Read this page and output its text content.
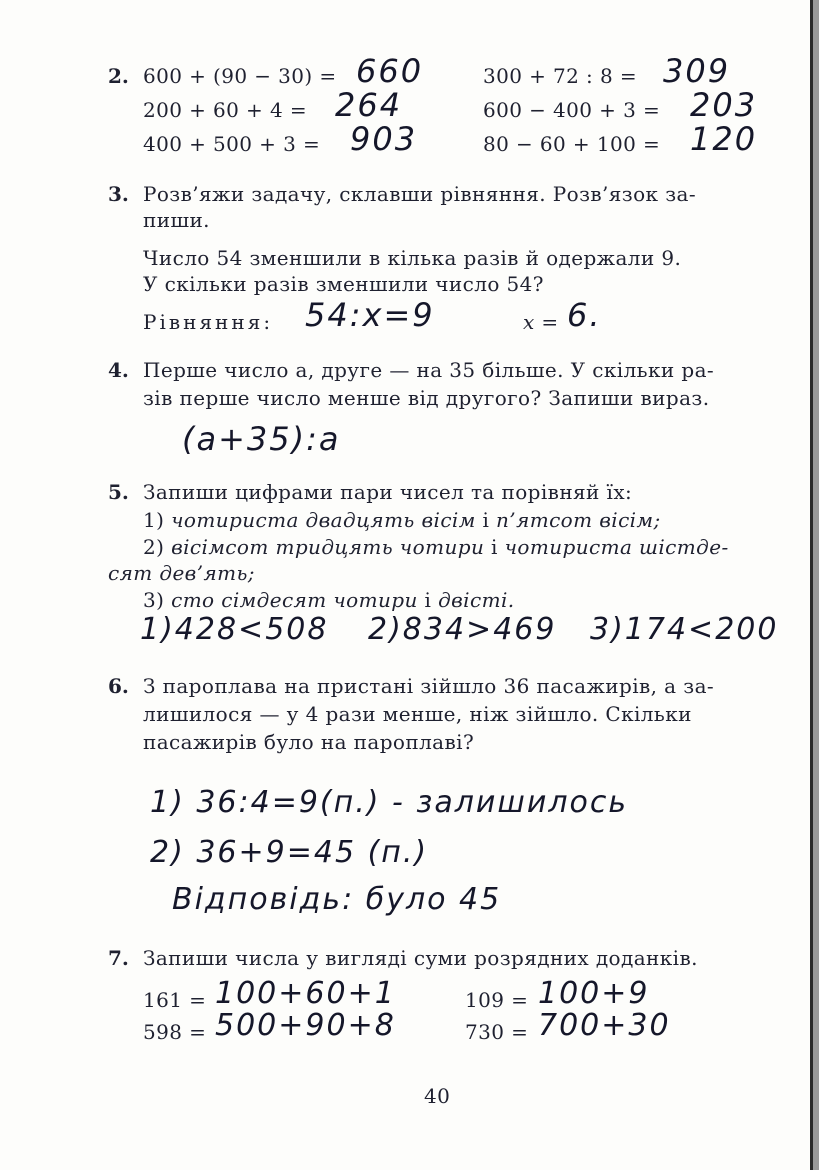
2. 600 + (90 − 30) = 660	300 + 72 : 8 = 309
200 + 60 + 4 = 264	600 − 400 + 3 = 203
400 + 500 + 3 = 903	80 − 60 + 100 = 120
3. Розв’яжи задачу, склавши рівняння. Розв’язок за-
пиши.
Число 54 зменшили в кілька разів й одержали 9.
У скільки разів зменшили число 54?
Рівняння: 54:x=9	x = 6.
4. Перше число a, друге — на 35 більше. У скільки ра-
зів перше число менше від другого? Запиши вираз.
(a+35):a
5. Запиши цифрами пари чисел та порівняй їх:
1) чотириста двадцять вісім і п’ятсот вісім;
2) вісімсот тридцять чотири і чотириста шістде-
сят дев’ять;
3) сто сімдесят чотири і двісті.
1)428<508 2)834>469 3)174<200
6. З пароплава на пристані зійшло 36 пасажирів, а за-
лишилося — у 4 рази менше, ніж зійшло. Скільки
пасажирів було на пароплаві?
1) 36:4=9(п.) - залишилось
2) 36+9=45 (п.)
Відповідь: було 45
7. Запиши числа у вигляді суми розрядних доданків.
161 = 100+60+1	109 = 100+9
598 = 500+90+8	730 = 700+30
40
